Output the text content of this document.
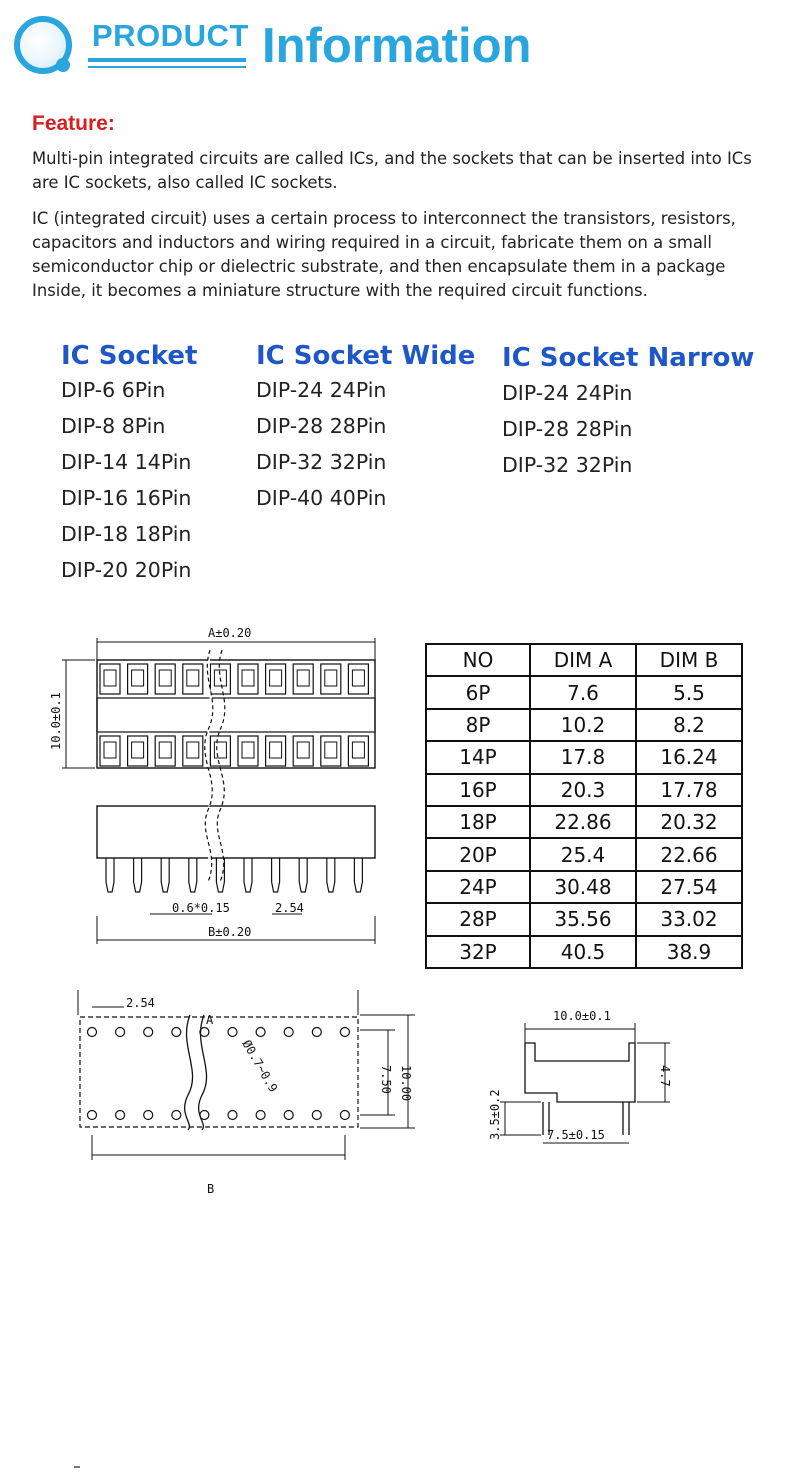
PRODUCT Information
Feature:
Multi-pin integrated circuits are called ICs, and the sockets that can be inserted into ICs are IC sockets, also called IC sockets.
IC (integrated circuit) uses a certain process to interconnect the transistors, resistors, capacitors and inductors and wiring required in a circuit, fabricate them on a small semiconductor chip or dielectric substrate, and then encapsulate them in a package Inside, it becomes a miniature structure with the required circuit functions.
IC Socket
DIP-6 6Pin
DIP-8 8Pin
DIP-14 14Pin
DIP-16 16Pin
DIP-18 18Pin
DIP-20 20Pin
IC Socket Wide
DIP-24 24Pin
DIP-28 28Pin
DIP-32 32Pin
DIP-40 40Pin
IC Socket Narrow
DIP-24 24Pin
DIP-28 28Pin
DIP-32 32Pin
A±0.20
10.0±0.1
0.6*0.15	2.54
B±0.20
NO	DIM A	DIM B
6P	7.6	5.5
8P	10.2	8.2
14P	17.8	16.24
16P	20.3	17.78
18P	22.86	20.32
20P	25.4	22.66
24P	30.48	27.54
28P	35.56	33.02
32P	40.5	38.9
2.54
A
Ø0.7~0.9	7.50 10.00
B
10.0±0.1
4.7
3.5±0.2	7.5±0.15
